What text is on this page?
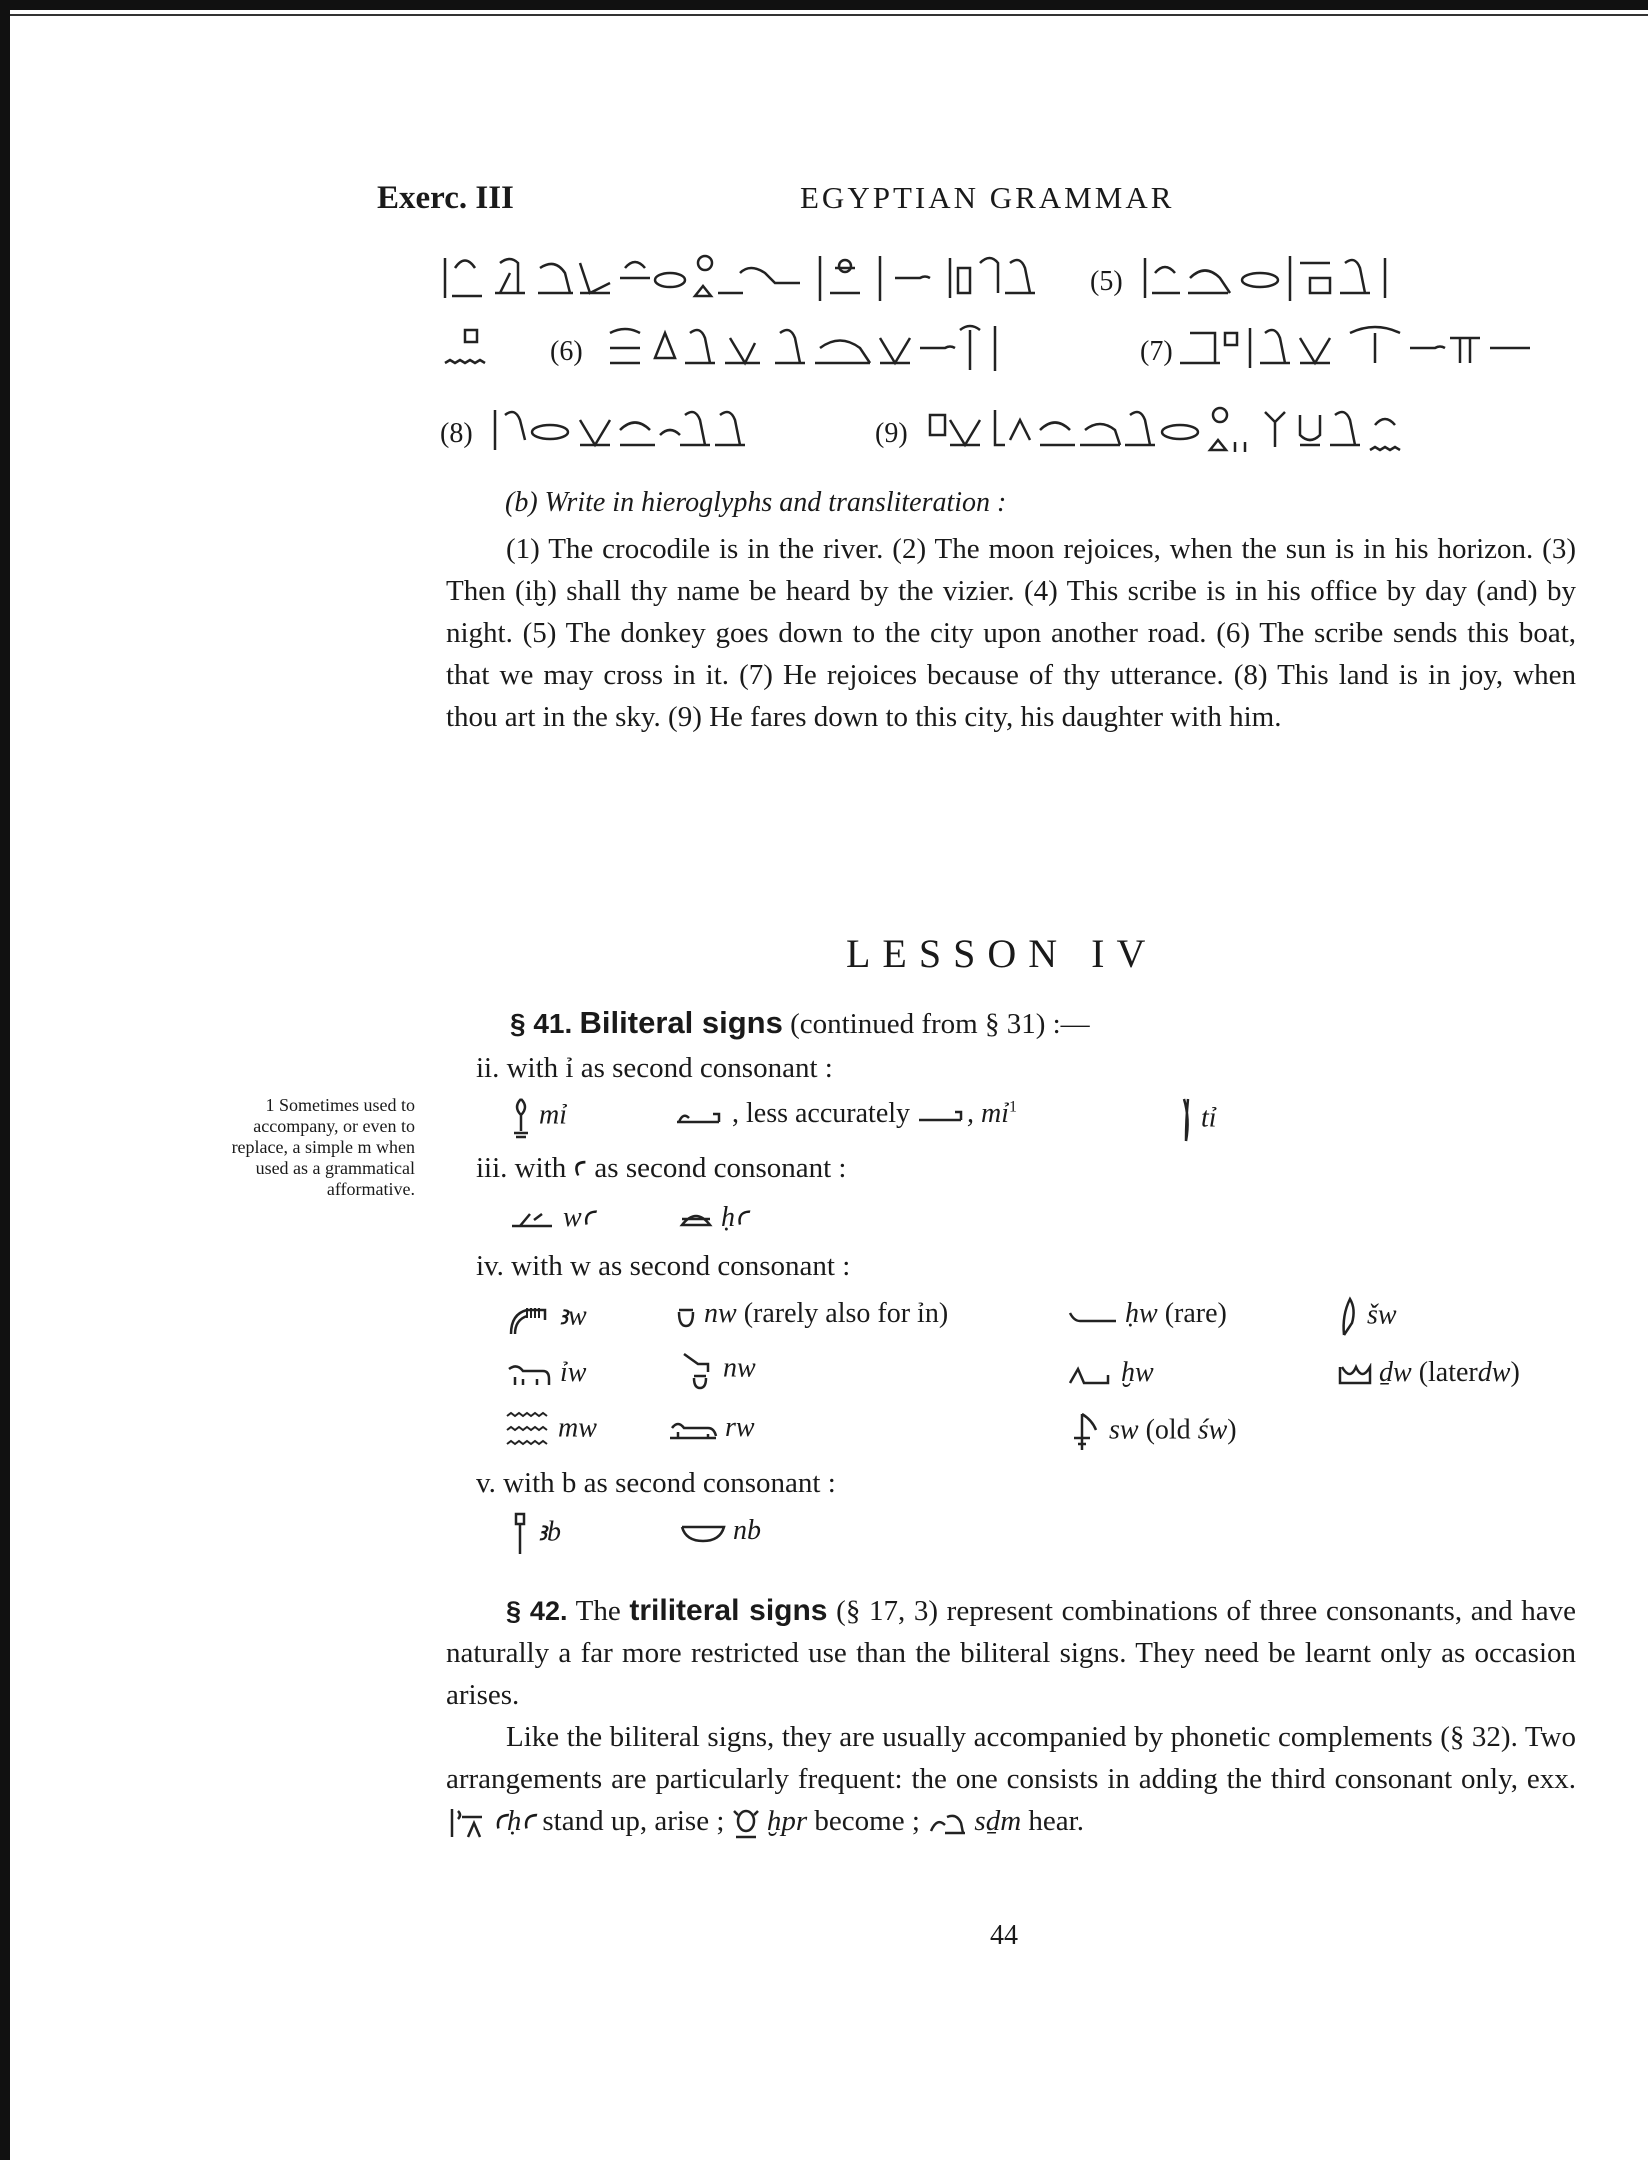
Exerc. III	EGYPTIAN GRAMMAR
(5)
(6)	(7)
(8)	(9)
(b) Write in hieroglyphs and transliteration :
(1) The crocodile is in the river. (2) The moon rejoices, when the sun is in his horizon. (3) Then (iḫ) shall thy name be heard by the vizier. (4) This scribe is in his office by day (and) by night. (5) The donkey goes down to the city upon another road. (6) The scribe sends this boat, that we may cross in it. (7) He rejoices because of thy utterance. (8) This land is in joy, when thou art in the sky. (9) He fares down to this city, his daughter with him.
LESSON IV
§ 41. Biliteral signs (continued from § 31) :—
ii. with ỉ as second consonant :
1 Sometimes used to accompany, or even to replace, a simple m when used as a grammatical afformative.
mỉ	, less accurately , mỉ$^1$	tỉ
iii. with ꜥ as second consonant :
wꜥ	ḥꜥ
iv. with w as second consonant :
ꜣw	nw (rarely also for ỉn)	ḥw (rare)	šw
ỉw	nw	ḫw	ḏw (laterdw)
mw	rw	sw (old św)
v. with b as second consonant :
ꜣb	nb
§ 42. The triliteral signs (§ 17, 3) represent combinations of three consonants, and have naturally a far more restricted use than the biliteral signs. They need be learnt only as occasion arises.
Like the biliteral signs, they are usually accompanied by phonetic complements (§ 32). Two arrangements are particularly frequent: the one consists in adding the third consonant only, exx.  ꜥḥꜥ stand up, arise ; ḫpr become ; sḏm hear.
44
